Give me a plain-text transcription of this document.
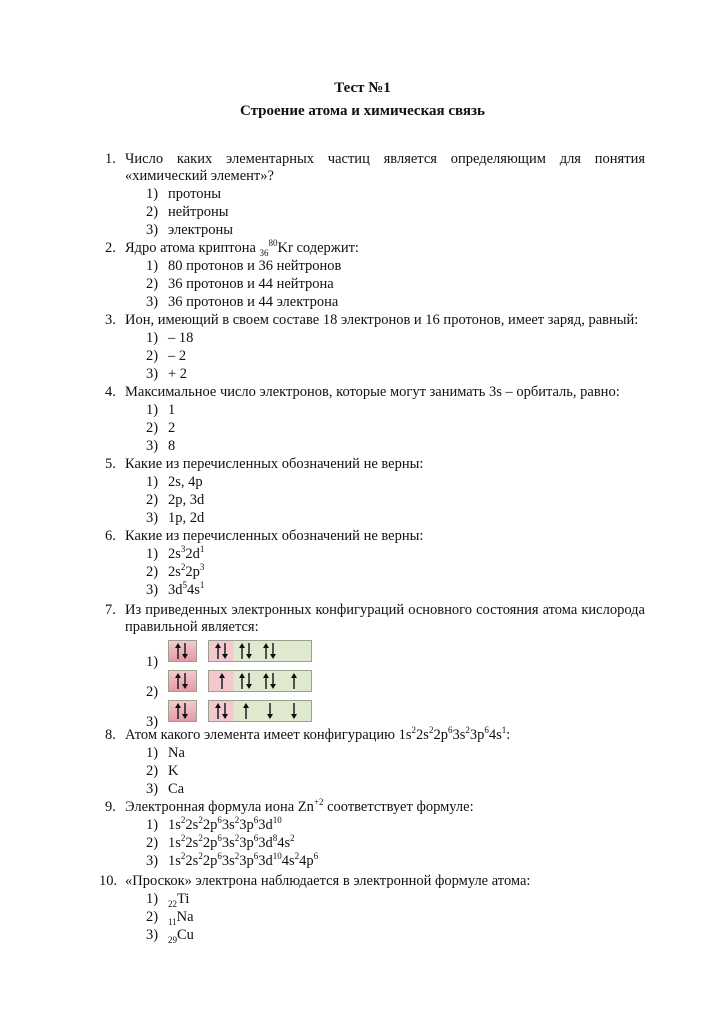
Тест №1
Строение атома и химическая связь
1. Число каких элементарных частиц является определяющим для понятия «химический элемент»?
1) протоны
2) нейтроны
3) электроны
2. Ядро атома криптона $_{36}^{80}$Kr содержит:
1) 80 протонов и 36 нейтронов
2) 36 протонов и 44 нейтрона
3) 36 протонов и 44 электрона
3. Ион, имеющий в своем составе 18 электронов и 16 протонов, имеет заряд, равный:
1) – 18
2) – 2
3) + 2
4. Максимальное число электронов, которые могут занимать 3s – орбиталь, равно:
1) 1
2) 2
3) 8
5. Какие из перечисленных обозначений не верны:
1) 2s, 4p
2) 2p, 3d
3) 1p, 2d
6. Какие из перечисленных обозначений не верны:
1) $2s^32d^1$
2) $2s^22p^3$
3) $3d^54s^1$
7. Из приведенных электронных конфигураций основного состояния атома кислорода правильной является:
1)
2)
3)
8. Атом какого элемента имеет конфигурацию $1s^22s^22p^63s^23p^64s^1$:
1) Na
2) K
3) Ca
9. Электронная формула иона $Zn^{+2}$ соответствует формуле:
1) $1s^22s^22p^63s^23p^63d^{10}$
2) $1s^22s^22p^63s^23p^63d^84s^2$
3) $1s^22s^22p^63s^23p^63d^{10}4s^24p^6$
10. «Проскок» электрона наблюдается в электронной формуле атома:
1) $_{22}$Ti
2) $_{11}$Na
3) $_{29}$Cu
